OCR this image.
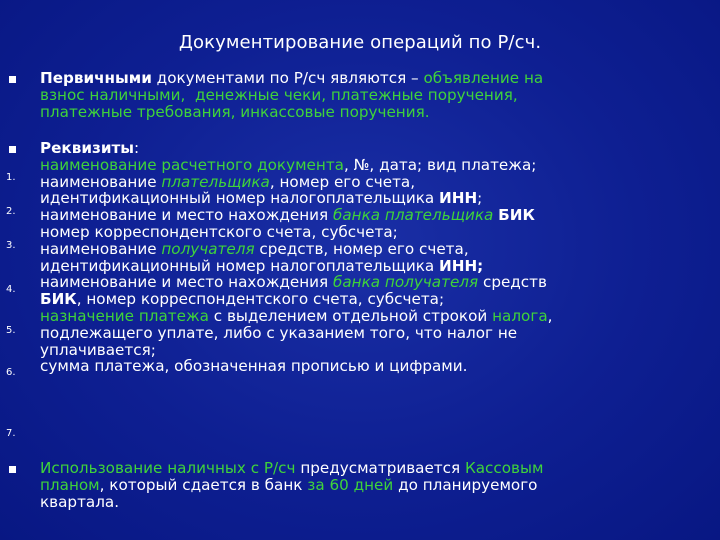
Документирование операций по Р/сч.
Первичными документами по Р/сч являются – объявление на
взнос наличными,  денежные чеки, платежные поручения,
платежные требования, инкассовые поручения.
1.
2.
3.
4.
5.
6.
7.
Реквизиты:
наименование расчетного документа, №, дата; вид платежа;
наименование плательщика, номер его счета,
идентификационный номер налогоплательщика ИНН;
наименование и место нахождения банка плательщика БИК
номер корреспондентского счета, субсчета;
наименование получателя средств, номер его счета,
идентификационный номер налогоплательщика ИНН;
наименование и место нахождения банка получателя средств
БИК, номер корреспондентского счета, субсчета;
назначение платежа с выделением отдельной строкой налога,
подлежащего уплате, либо с указанием того, что налог не
уплачивается;
сумма платежа, обозначенная прописью и цифрами.
Использование наличных с Р/сч предусматривается Кассовым
планом, который сдается в банк за 60 дней до планируемого
квартала.
